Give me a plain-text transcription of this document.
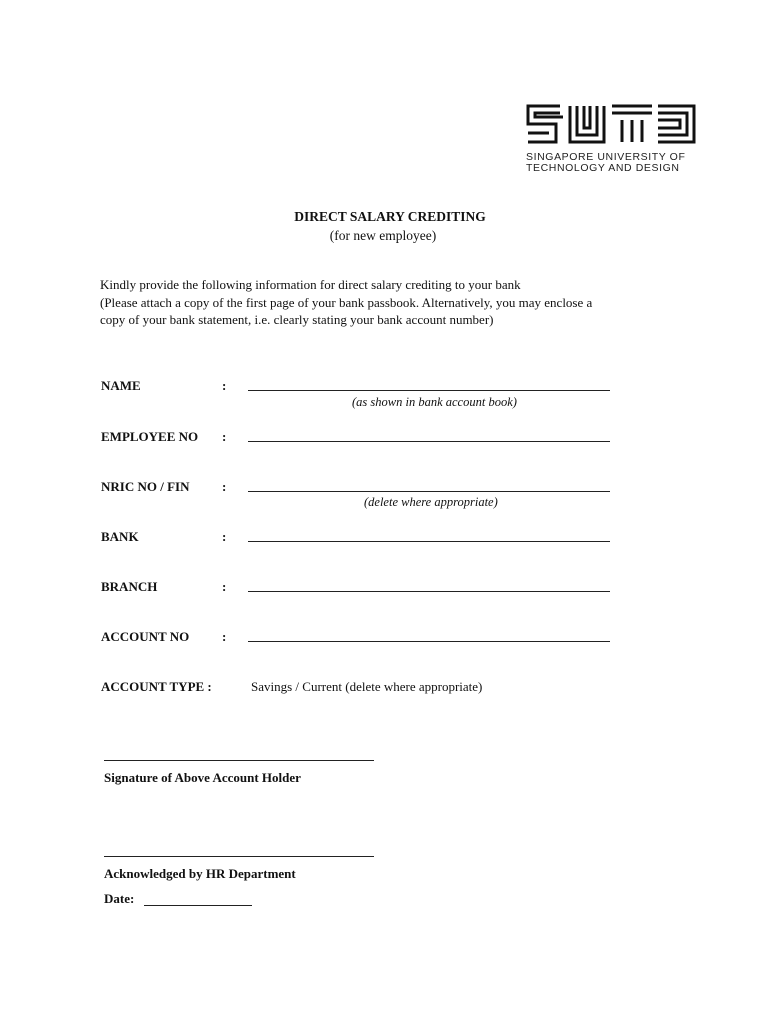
SINGAPORE UNIVERSITY OF
TECHNOLOGY AND DESIGN
DIRECT SALARY CREDITING
(for new employee)
Kindly provide the following information for direct salary crediting to your bank
(Please attach a copy of the first page of your bank passbook. Alternatively, you may enclose a
copy of your bank statement, i.e. clearly stating your bank account number)
NAME	:
(as shown in bank account book)
EMPLOYEE NO :
NRIC NO / FIN	:
(delete where appropriate)
BANK	:
BRANCH	:
ACCOUNT NO	:
ACCOUNT TYPE :	Savings / Current (delete where appropriate)
Signature of Above Account Holder
Acknowledged by HR Department
Date:
